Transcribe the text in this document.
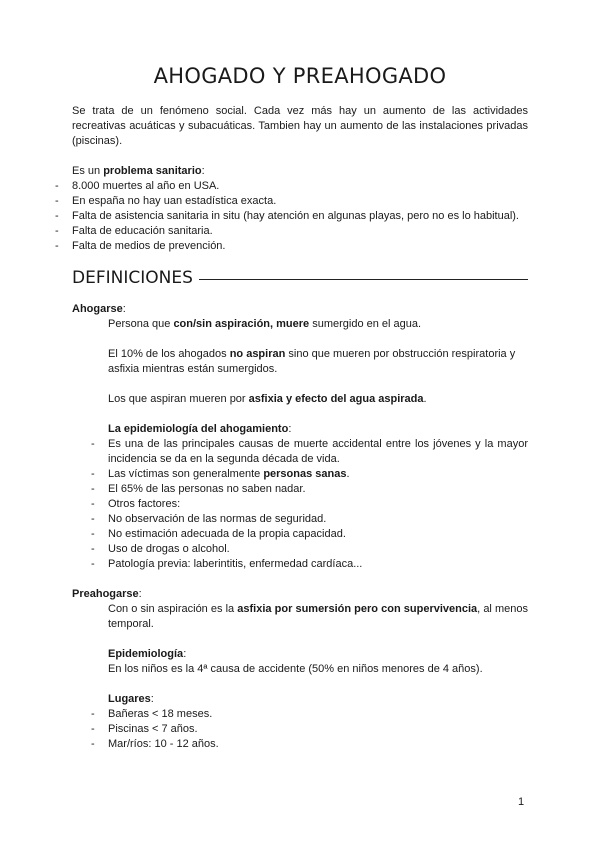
AHOGADO Y PREAHOGADO

Se trata de un fenómeno social. Cada vez más hay un aumento de las actividades recreativas acuáticas y subacuáticas. Tambien hay un aumento de las instalaciones privadas (piscinas).

Es un problema sanitario:

- 8.000 muertes al año en USA.
- En españa no hay uan estadística exacta.
- Falta de asistencia sanitaria in situ (hay atención en algunas playas, pero no es lo habitual).
- Falta de educación sanitaria.
- Falta de medios de prevención.
DEFINICIONES

Ahogarse:

Persona que con/sin aspiración, muere sumergido en el agua.

El 10% de los ahogados no aspiran sino que mueren por obstrucción respiratoria y asfixia mientras están sumergidos.

Los que aspiran mueren por asfixia y efecto del agua aspirada.

La epidemiología del ahogamiento:

- Es una de las principales causas de muerte accidental entre los jóvenes y la mayor incidencia se da en la segunda década de vida.
- Las víctimas son generalmente personas sanas.
- El 65% de las personas no saben nadar.
- Otros factores:
- No observación de las normas de seguridad.
- No estimación adecuada de la propia capacidad.
- Uso de drogas o alcohol.
- Patología previa: laberintitis, enfermedad cardíaca...

Preahogarse:

Con o sin aspiración es la asfixia por sumersión pero con supervivencia, al menos temporal.

Epidemiología:

En los niños es la 4ª causa de accidente (50% en niños menores de 4 años).

Lugares:

- Bañeras < 18 meses.
- Piscinas < 7 años.
- Mar/ríos: 10 - 12 años.
1
